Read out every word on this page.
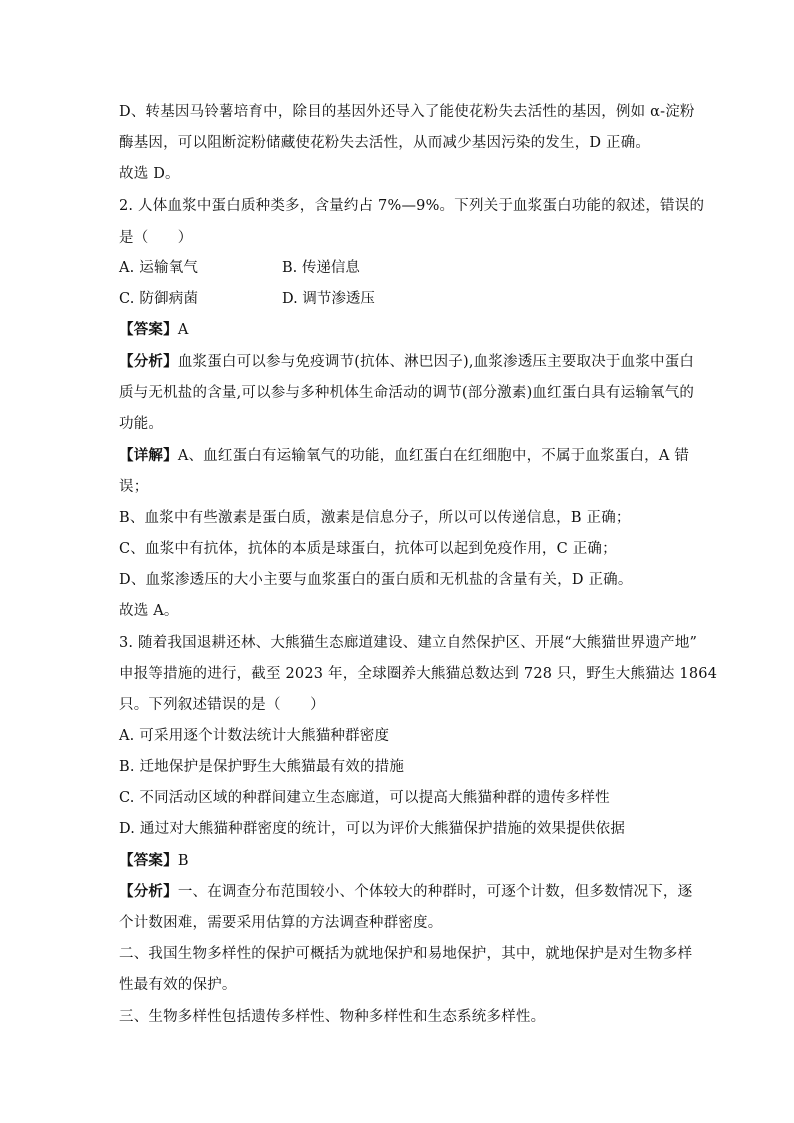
D、转基因马铃薯培育中，除目的基因外还导入了能使花粉失去活性的基因，例如 α-淀粉
酶基因，可以阻断淀粉储藏使花粉失去活性，从而减少基因污染的发生，D 正确。
故选 D。
2. 人体血浆中蛋白质种类多，含量约占 7%—9%。下列关于血浆蛋白功能的叙述，错误的
是（　　）
A. 运输氧气	B. 传递信息
C. 防御病菌	D. 调节渗透压
【答案】A
【分析】血浆蛋白可以参与免疫调节(抗体、淋巴因子),血浆渗透压主要取决于血浆中蛋白
质与无机盐的含量,可以参与多种机体生命活动的调节(部分激素)血红蛋白具有运输氧气的
功能。
【详解】A、血红蛋白有运输氧气的功能，血红蛋白在红细胞中，不属于血浆蛋白，A 错
误；
B、血浆中有些激素是蛋白质，激素是信息分子，所以可以传递信息，B 正确；
C、血浆中有抗体，抗体的本质是球蛋白，抗体可以起到免疫作用，C 正确；
D、血浆渗透压的大小主要与血浆蛋白的蛋白质和无机盐的含量有关，D 正确。
故选 A。
3. 随着我国退耕还林、大熊猫生态廊道建设、建立自然保护区、开展“大熊猫世界遗产地”
申报等措施的进行，截至 2023 年，全球圈养大熊猫总数达到 728 只，野生大熊猫达 1864
只。下列叙述错误的是（　　）
A. 可采用逐个计数法统计大熊猫种群密度
B. 迁地保护是保护野生大熊猫最有效的措施
C. 不同活动区域的种群间建立生态廊道，可以提高大熊猫种群的遗传多样性
D. 通过对大熊猫种群密度的统计，可以为评价大熊猫保护措施的效果提供依据
【答案】B
【分析】一、在调查分布范围较小、个体较大的种群时，可逐个计数，但多数情况下，逐
个计数困难，需要采用估算的方法调查种群密度。
二、我国生物多样性的保护可概括为就地保护和易地保护，其中，就地保护是对生物多样
性最有效的保护。
三、生物多样性包括遗传多样性、物种多样性和生态系统多样性。
